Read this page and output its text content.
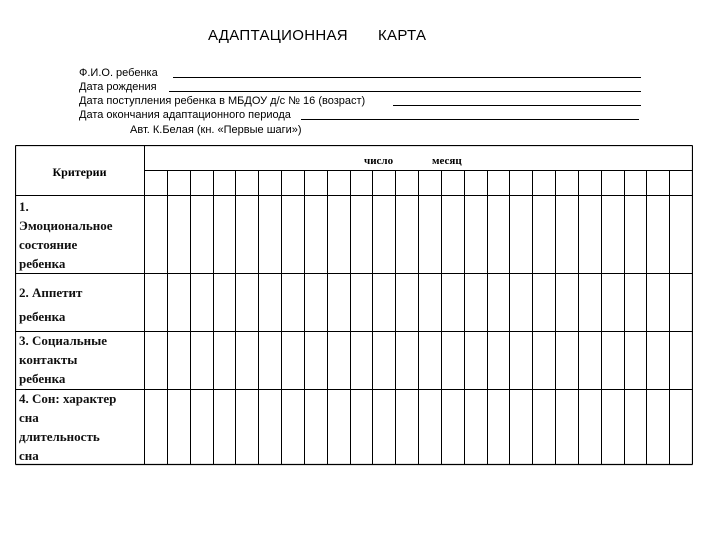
АДАПТАЦИОННАЯ КАРТА
Ф.И.О. ребенка
Дата рождения
Дата поступления ребенка в МБДОУ д/с № 16 (возраст)
Дата окончания адаптационного периода
Авт. К.Белая (кн. «Первые шаги»)
Критерии
число	месяц
1.
Эмоциональное
состояние
ребенка
2. Аппетит
ребенка
3. Социальные
контакты
ребенка
4. Сон: характер
сна
длительность
сна
